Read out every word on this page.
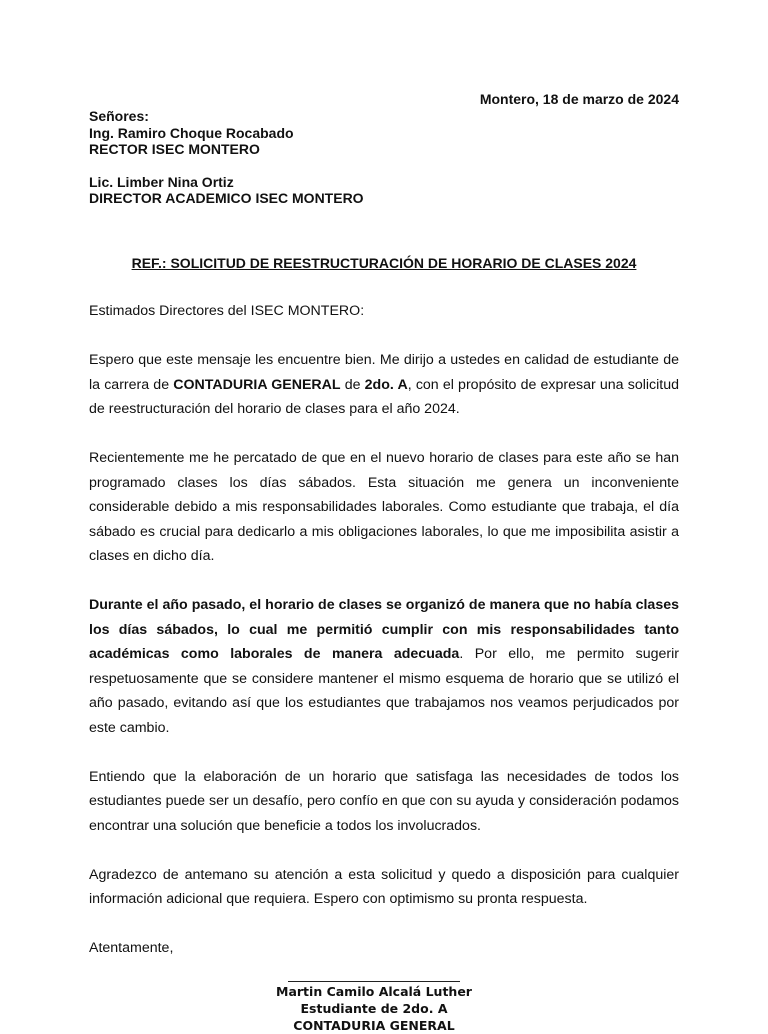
Montero, 18 de marzo de 2024
Señores:
Ing. Ramiro Choque Rocabado
RECTOR ISEC MONTERO
Lic. Limber Nina Ortiz
DIRECTOR ACADEMICO ISEC MONTERO
REF.: SOLICITUD DE REESTRUCTURACIÓN DE HORARIO DE CLASES 2024

Estimados Directores del ISEC MONTERO:

Espero que este mensaje les encuentre bien. Me dirijo a ustedes en calidad de estudiante de la carrera de CONTADURIA GENERAL de 2do. A, con el propósito de expresar una solicitud de reestructuración del horario de clases para el año 2024.

Recientemente me he percatado de que en el nuevo horario de clases para este año se han programado clases los días sábados. Esta situación me genera un inconveniente considerable debido a mis responsabilidades laborales. Como estudiante que trabaja, el día sábado es crucial para dedicarlo a mis obligaciones laborales, lo que me imposibilita asistir a clases en dicho día.

Durante el año pasado, el horario de clases se organizó de manera que no había clases los días sábados, lo cual me permitió cumplir con mis responsabilidades tanto académicas como laborales de manera adecuada. Por ello, me permito sugerir respetuosamente que se considere mantener el mismo esquema de horario que se utilizó el año pasado, evitando así que los estudiantes que trabajamos nos veamos perjudicados por este cambio.

Entiendo que la elaboración de un horario que satisfaga las necesidades de todos los estudiantes puede ser un desafío, pero confío en que con su ayuda y consideración podamos encontrar una solución que beneficie a todos los involucrados.

Agradezco de antemano su atención a esta solicitud y quedo a disposición para cualquier información adicional que requiera. Espero con optimismo su pronta respuesta.

Atentamente,

Martin Camilo Alcalá Luther
Estudiante de 2do. A
CONTADURIA GENERAL
